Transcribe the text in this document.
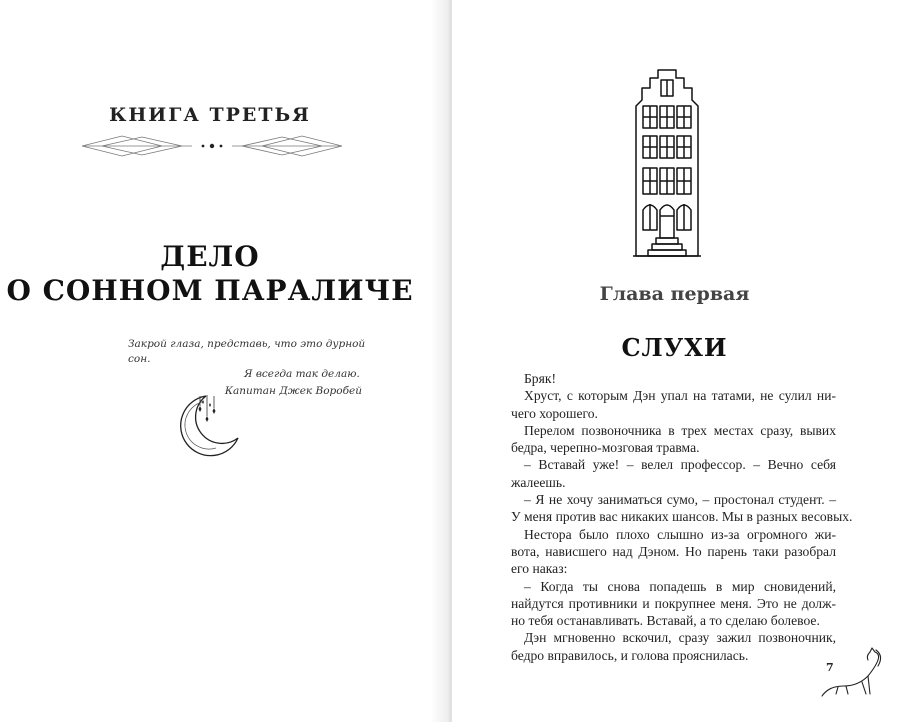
КНИГА ТРЕТЬЯ
ДЕЛО
О СОННОМ ПАРАЛИЧЕ
Закрой глаза, представь, что это дурной сон.
Я всегда так делаю.
Капитан Джек Воробей
Глава первая
СЛУХИ
Бряк!
Хруст, с которым Дэн упал на татами, не сулил ни-
чего хорошего.
Перелом позвоночника в трех местах сразу, вывих
бедра, черепно-мозговая травма.
– Вставай уже! – велел профессор. – Вечно себя
жалеешь.
– Я не хочу заниматься сумо, – простонал студент. –
У меня против вас никаких шансов. Мы в разных весовых.
Нестора было плохо слышно из-за огромного жи-
вота, нависшего над Дэном. Но парень таки разобрал
его наказ:
– Когда ты снова попадешь в мир сновидений,
найдутся противники и покрупнее меня. Это не долж-
но тебя останавливать. Вставай, а то сделаю болевое.
Дэн мгновенно вскочил, сразу зажил позвоночник,
бедро вправилось, и голова прояснилась.
7
